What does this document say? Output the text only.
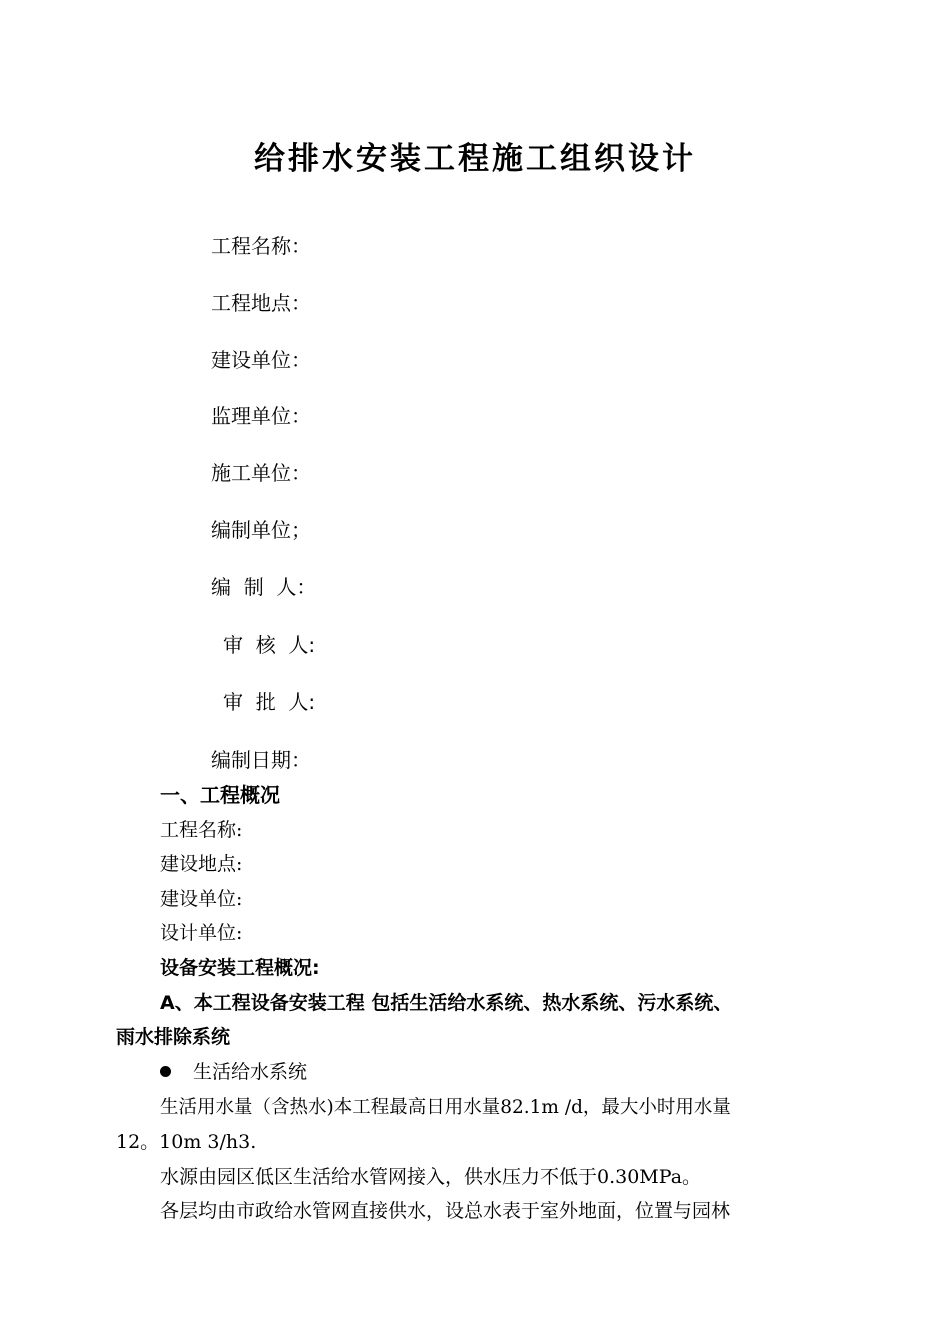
给排水安装工程施工组织设计
工程名称：
工程地点：
建设单位：
监理单位：
施工单位：
编制单位；
编  制  人：
审  核  人:
审  批  人:
编制日期：
一、工程概况
工程名称:
建设地点:
建设单位:
设计单位:
设备安装工程概况:
A、本工程设备安装工程 包括生活给水系统、热水系统、污水系统、
雨水排除系统
生活给水系统
生活用水量（含热水)本工程最高日用水量82.1m /d，最大小时用水量
12。10m 3/h3.
水源由园区低区生活给水管网接入，供水压力不低于0.30MPa。
各层均由市政给水管网直接供水，设总水表于室外地面，位置与园林
